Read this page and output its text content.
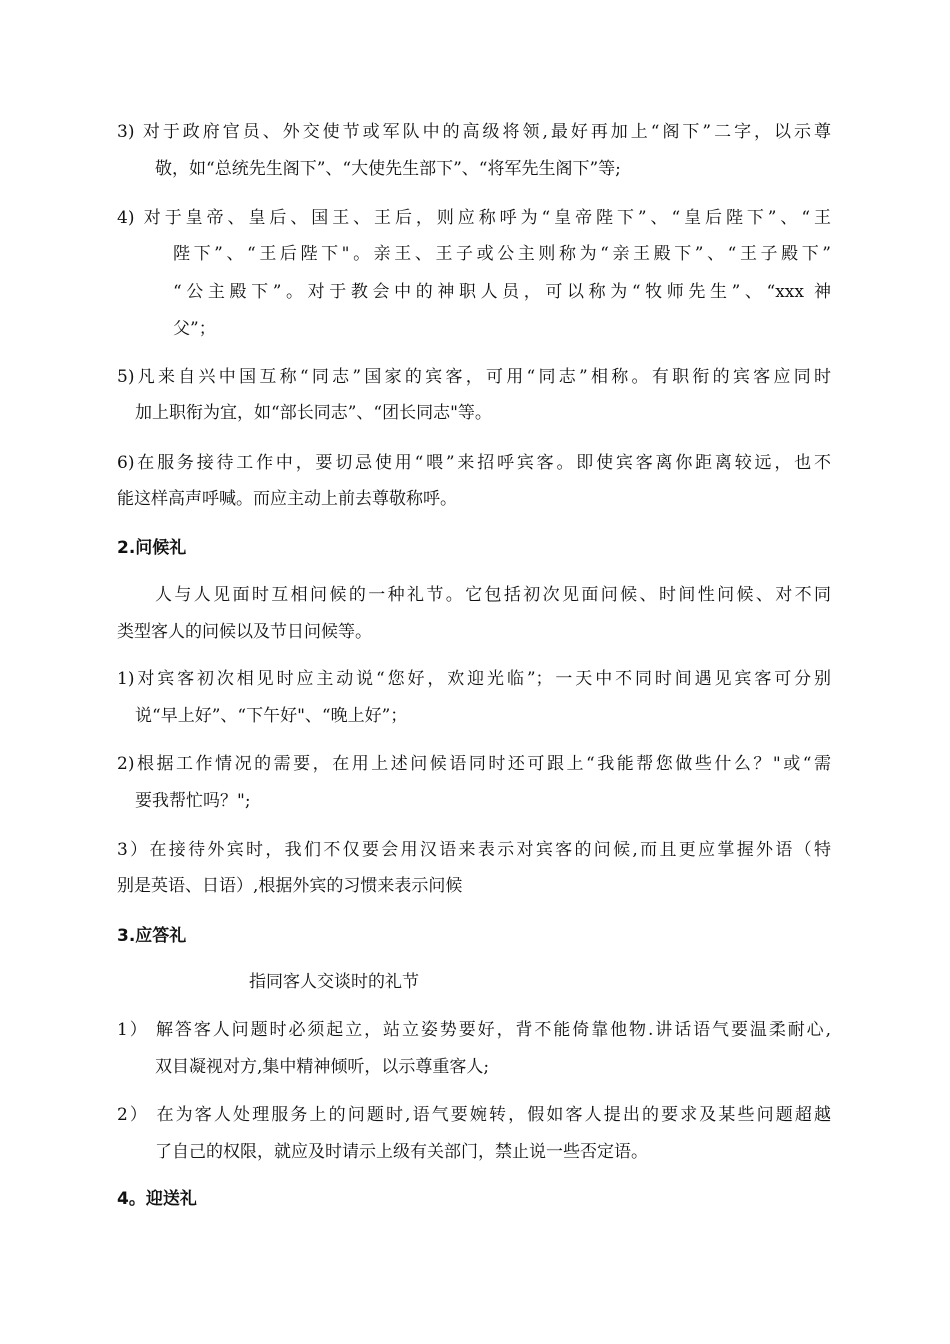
3) 对于政府官员、外交使节或军队中的高级将领,最好再加上“阁下”二字，以示尊
敬，如“总统先生阁下”、“大使先生部下”、“将军先生阁下”等;
4) 对于皇帝、皇后、国王、王后，则应称呼为“皇帝陛下”、“皇后陛下”、“王
陛下”、“王后陛下"。亲王、王子或公主则称为“亲王殿下”、“王子殿下”
“公主殿下”。对于教会中的神职人员，可以称为“牧师先生”、“xxx 神
父”；
5)凡来自兴中国互称“同志”国家的宾客，可用“同志”相称。有职衔的宾客应同时
加上职衔为宜，如“部长同志”、“团长同志"等。
6)在服务接待工作中，要切忌使用“喂”来招呼宾客。即使宾客离你距离较远，也不
能这样高声呼喊。而应主动上前去尊敬称呼。
2.问候礼
人与人见面时互相问候的一种礼节。它包括初次见面问候、时间性问候、对不同
类型客人的问候以及节日问候等。
1)对宾客初次相见时应主动说“您好，欢迎光临”；一天中不同时间遇见宾客可分别
说“早上好”、“下午好"、“晚上好”；
2)根据工作情况的需要，在用上述问候语同时还可跟上“我能帮您做些什么？"或“需
要我帮忙吗？";
3）在接待外宾时，我们不仅要会用汉语来表示对宾客的问候,而且更应掌握外语（特
别是英语、日语）,根据外宾的习惯来表示问候
3.应答礼
指同客人交谈时的礼节
1） 解答客人问题时必须起立，站立姿势要好，背不能倚靠他物.讲话语气要温柔耐心,
双目凝视对方,集中精神倾听，以示尊重客人;
2） 在为客人处理服务上的问题时,语气要婉转，假如客人提出的要求及某些问题超越
了自己的权限，就应及时请示上级有关部门，禁止说一些否定语。
4。迎送礼
